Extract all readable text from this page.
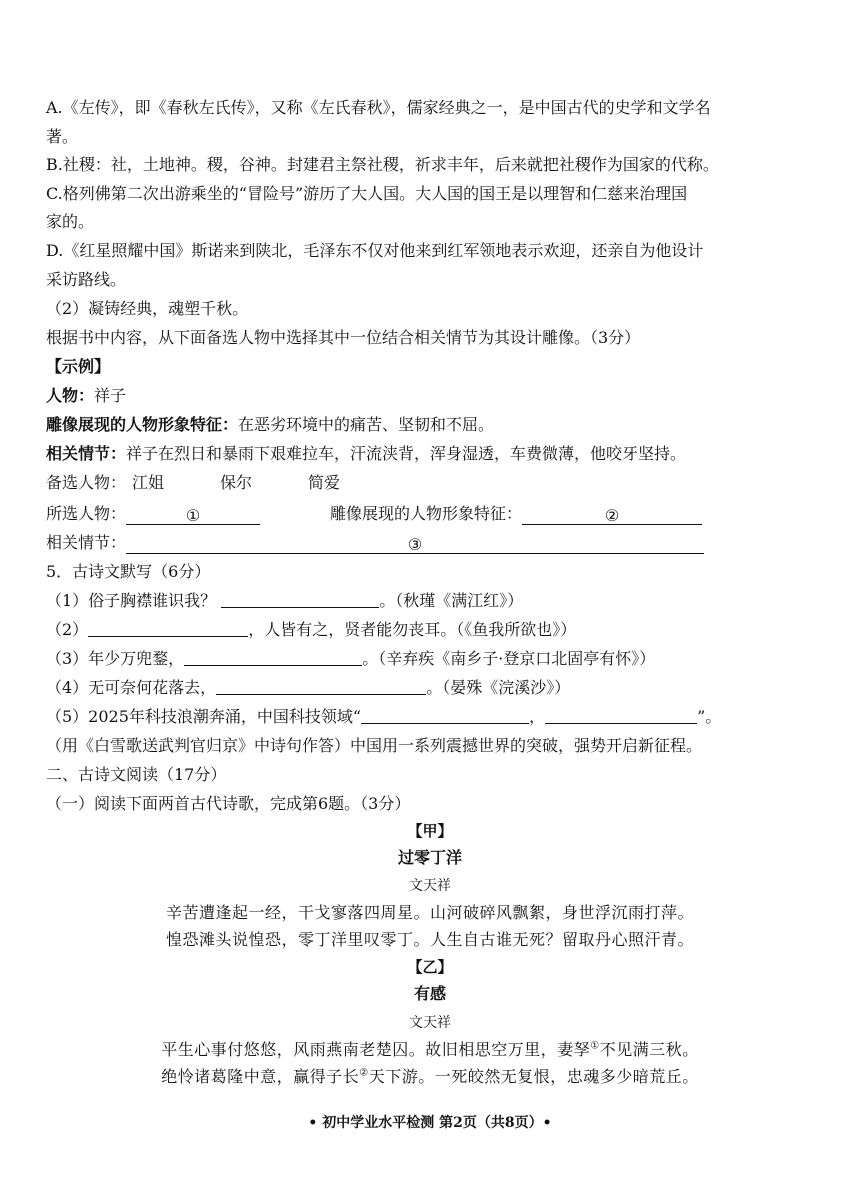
A.《左传》，即《春秋左氏传》，又称《左氏春秋》，儒家经典之一，是中国古代的史学和文学名
著。
B.社稷：社，土地神。稷，谷神。封建君主祭社稷，祈求丰年，后来就把社稷作为国家的代称。
C.格列佛第二次出游乘坐的“冒险号”游历了大人国。大人国的国王是以理智和仁慈来治理国
家的。
D.《红星照耀中国》斯诺来到陕北，毛泽东不仅对他来到红军领地表示欢迎，还亲自为他设计
采访路线。
（2）凝铸经典，魂塑千秋。
根据书中内容，从下面备选人物中选择其中一位结合相关情节为其设计雕像。（3分）
【示例】
人物：祥子
雕像展现的人物形象特征：在恶劣环境中的痛苦、坚韧和不屈。
相关情节：祥子在烈日和暴雨下艰难拉车，汗流浃背，浑身湿透，车费微薄，他咬牙坚持。
备选人物： 江姐	保尔	简爱
所选人物：	①	雕像展现的人物形象特征：	②
相关情节：	③
5．古诗文默写（6分）
（1）俗子胸襟谁识我？	。（秋瑾《满江红》）
（2）	，人皆有之，贤者能勿丧耳。（《鱼我所欲也》）
（3）年少万兜鍪，	。（辛弃疾《南乡子·登京口北固亭有怀》）
（4）无可奈何花落去，	。（晏殊《浣溪沙》）
（5）2025年科技浪潮奔涌，中国科技领域“	，	”。
（用《白雪歌送武判官归京》中诗句作答）中国用一系列震撼世界的突破，强势开启新征程。
二、古诗文阅读（17分）
（一）阅读下面两首古代诗歌，完成第6题。（3分）
【甲】
过零丁洋
文天祥
辛苦遭逢起一经，干戈寥落四周星。山河破碎风飘絮，身世浮沉雨打萍。
惶恐滩头说惶恐，零丁洋里叹零丁。人生自古谁无死？留取丹心照汗青。
【乙】
有感
文天祥
平生心事付悠悠，风雨燕南老楚囚。故旧相思空万里，妻孥①不见满三秋。
绝怜诸葛隆中意，赢得子长②天下游。一死皎然无复恨，忠魂多少暗荒丘。
• 初中学业水平检测 第2页（共8页）•
